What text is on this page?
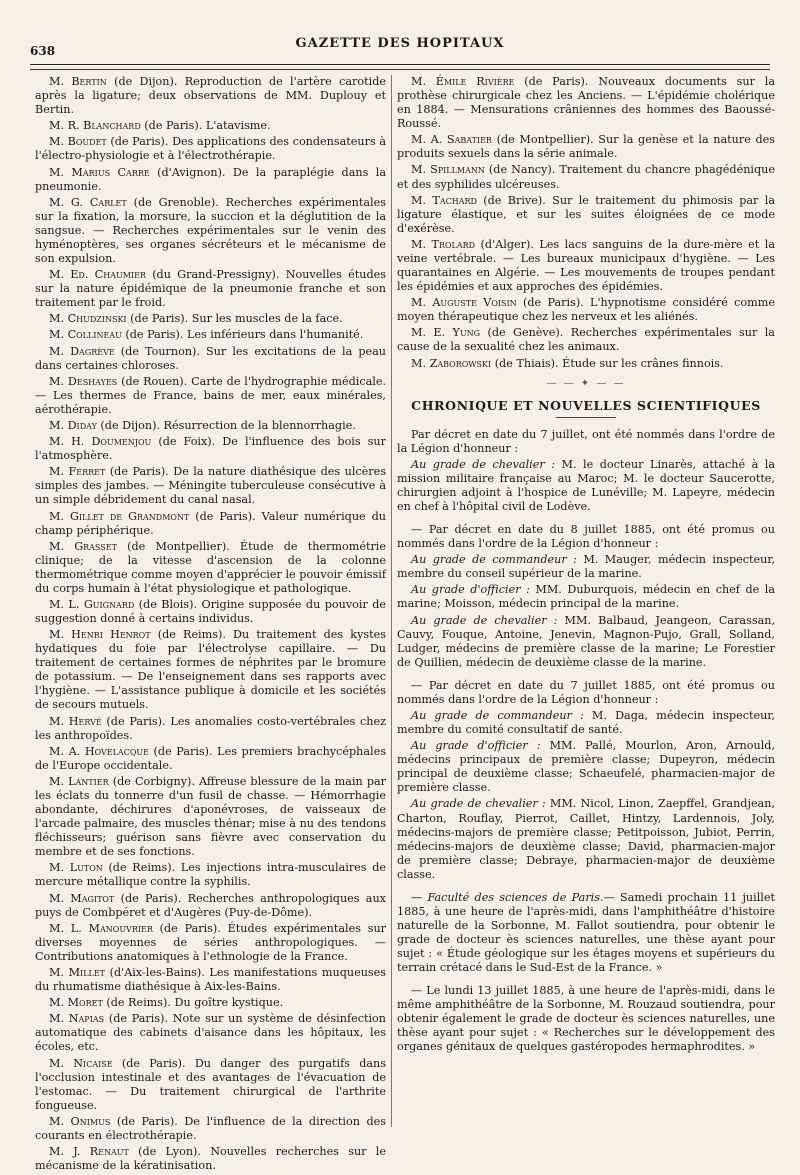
638	GAZETTE DES HOPITAUX

M. Bertin (de Dijon). Reproduction de l'artère carotide après la ligature; deux observations de MM. Duplouy et Bertin.

M. R. Blanchard (de Paris). L'atavisme.

M. Boudet (de Paris). Des applications des condensateurs à l'électro-physiologie et à l'électrothérapie.

M. Marius Carre (d'Avignon). De la paraplégie dans la pneumonie.

M. G. Carlet (de Grenoble). Recherches expérimentales sur la fixation, la morsure, la succion et la déglutition de la sangsue. — Recherches expérimentales sur le venin des hyménoptères, ses organes sécréteurs et le mécanisme de son expulsion.

M. Ed. Chaumier (du Grand-Pressigny). Nouvelles études sur la nature épidémique de la pneumonie franche et son traitement par le froid.

M. Chudzinski (de Paris). Sur les muscles de la face.

M. Collineau (de Paris). Les inférieurs dans l'humanité.

M. Dagrève (de Tournon). Sur les excitations de la peau dans certaines chloroses.

M. Deshayes (de Rouen). Carte de l'hydrographie médicale. — Les thermes de France, bains de mer, eaux minérales, aérothérapie.

M. Diday (de Dijon). Résurrection de la blennorrhagie.

M. H. Doumenjou (de Foix). De l'influence des bois sur l'atmosphère.

M. Ferret (de Paris). De la nature diathésique des ulcères simples des jambes. — Méningite tuberculeuse consécutive à un simple débridement du canal nasal.

M. Gillet de Grandmont (de Paris). Valeur numérique du champ périphérique.

M. Grasset (de Montpellier). Étude de thermométrie clinique; de la vitesse d'ascension de la colonne thermométrique comme moyen d'apprécier le pouvoir émissif du corps humain à l'état physiologique et pathologique.

M. L. Guignard (de Blois). Origine supposée du pouvoir de suggestion donné à certains individus.

M. Henri Henrot (de Reims). Du traitement des kystes hydatiques du foie par l'électrolyse capillaire. — Du traitement de certaines formes de néphrites par le bromure de potassium. — De l'enseignement dans ses rapports avec l'hygiène. — L'assistance publique à domicile et les sociétés de secours mutuels.

M. Hervé (de Paris). Les anomalies costo-vertébrales chez les anthropoïdes.

M. A. Hovelacque (de Paris). Les premiers brachycéphales de l'Europe occidentale.

M. Lantier (de Corbigny). Affreuse blessure de la main par les éclats du tonnerre d'un fusil de chasse. — Hémorrhagie abondante, déchirures d'aponévroses, de vaisseaux de l'arcade palmaire, des muscles thénar; mise à nu des tendons fléchisseurs; guérison sans fièvre avec conservation du membre et de ses fonctions.

M. Luton (de Reims). Les injections intra-musculaires de mercure métallique contre la syphilis.

M. Magitot (de Paris). Recherches anthropologiques aux puys de Combpéret et d'Augères (Puy-de-Dôme).

M. L. Manouvrier (de Paris). Études expérimentales sur diverses moyennes de séries anthropologiques. — Contributions anatomiques à l'ethnologie de la France.

M. Millet (d'Aix-les-Bains). Les manifestations muqueuses du rhumatisme diathésique à Aix-les-Bains.

M. Moret (de Reims). Du goître kystique.

M. Napias (de Paris). Note sur un système de désinfection automatique des cabinets d'aisance dans les hôpitaux, les écoles, etc.

M. Nicaise (de Paris). Du danger des purgatifs dans l'occlusion intestinale et des avantages de l'évacuation de l'estomac. — Du traitement chirurgical de l'arthrite fongueuse.

M. Onimus (de Paris). De l'influence de la direction des courants en électrothérapie.

M. J. Renaut (de Lyon). Nouvelles recherches sur le mécanisme de la kératinisation.

M. Émile Rivière (de Paris). Nouveaux documents sur la prothèse chirurgicale chez les Anciens. — L'épidémie cholérique en 1884. — Mensurations crâniennes des hommes des Baoussé-Roussé.

M. A. Sabatier (de Montpellier). Sur la genèse et la nature des produits sexuels dans la série animale.

M. Spillmann (de Nancy). Traitement du chancre phagédénique et des syphilides ulcéreuses.

M. Tachard (de Brive). Sur le traitement du phimosis par la ligature élastique, et sur les suites éloignées de ce mode d'exérèse.

M. Trolard (d'Alger). Les lacs sanguins de la dure-mère et la veine vertébrale. — Les bureaux municipaux d'hygiène. — Les quarantaines en Algérie. — Les mouvements de troupes pendant les épidémies et aux approches des épidémies.

M. Auguste Voisin (de Paris). L'hypnotisme considéré comme moyen thérapeutique chez les nerveux et les aliénés.

M. E. Yung (de Genève). Recherches expérimentales sur la cause de la sexualité chez les animaux.

M. Zaborowski (de Thiais). Étude sur les crânes finnois.

— — ✦ — —
CHRONIQUE ET NOUVELLES SCIENTIFIQUES

Par décret en date du 7 juillet, ont été nommés dans l'ordre de la Légion d'honneur :

Au grade de chevalier : M. le docteur Linarès, attaché à la mission militaire française au Maroc; M. le docteur Saucerotte, chirurgien adjoint à l'hospice de Lunéville; M. Lapeyre, médecin en chef à l'hôpital civil de Lodève.

— Par décret en date du 8 juillet 1885, ont été promus ou nommés dans l'ordre de la Légion d'honneur :

Au grade de commandeur : M. Mauger, médecin inspecteur, membre du conseil supérieur de la marine.

Au grade d'officier : MM. Duburquois, médecin en chef de la marine; Moisson, médecin principal de la marine.

Au grade de chevalier : MM. Balbaud, Jeangeon, Carassan, Cauvy, Fouque, Antoine, Jenevin, Magnon-Pujo, Grall, Solland, Ludger, médecins de première classe de la marine; Le Forestier de Quillien, médecin de deuxième classe de la marine.

— Par décret en date du 7 juillet 1885, ont été promus ou nommés dans l'ordre de la Légion d'honneur :

Au grade de commandeur : M. Daga, médecin inspecteur, membre du comité consultatif de santé.

Au grade d'officier : MM. Pallé, Mourlon, Aron, Arnould, médecins principaux de première classe; Dupeyron, médecin principal de deuxième classe; Schaeufelé, pharmacien-major de première classe.

Au grade de chevalier : MM. Nicol, Linon, Zaepffel, Grandjean, Charton, Rouflay, Pierrot, Caillet, Hintzy, Lardennois, Joly, médecins-majors de première classe; Petitpoisson, Jubiot, Perrin, médecins-majors de deuxième classe; David, pharmacien-major de première classe; Debraye, pharmacien-major de deuxième classe.

— Faculté des sciences de Paris.— Samedi prochain 11 juillet 1885, à une heure de l'après-midi, dans l'amphithéâtre d'histoire naturelle de la Sorbonne, M. Fallot soutiendra, pour obtenir le grade de docteur ès sciences naturelles, une thèse ayant pour sujet : « Étude géologique sur les étages moyens et supérieurs du terrain crétacé dans le Sud-Est de la France. »

— Le lundi 13 juillet 1885, à une heure de l'après-midi, dans le même amphithéâtre de la Sorbonne, M. Rouzaud soutiendra, pour obtenir également le grade de docteur ès sciences naturelles, une thèse ayant pour sujet : « Recherches sur le développement des organes génitaux de quelques gastéropodes hermaphrodites. »
